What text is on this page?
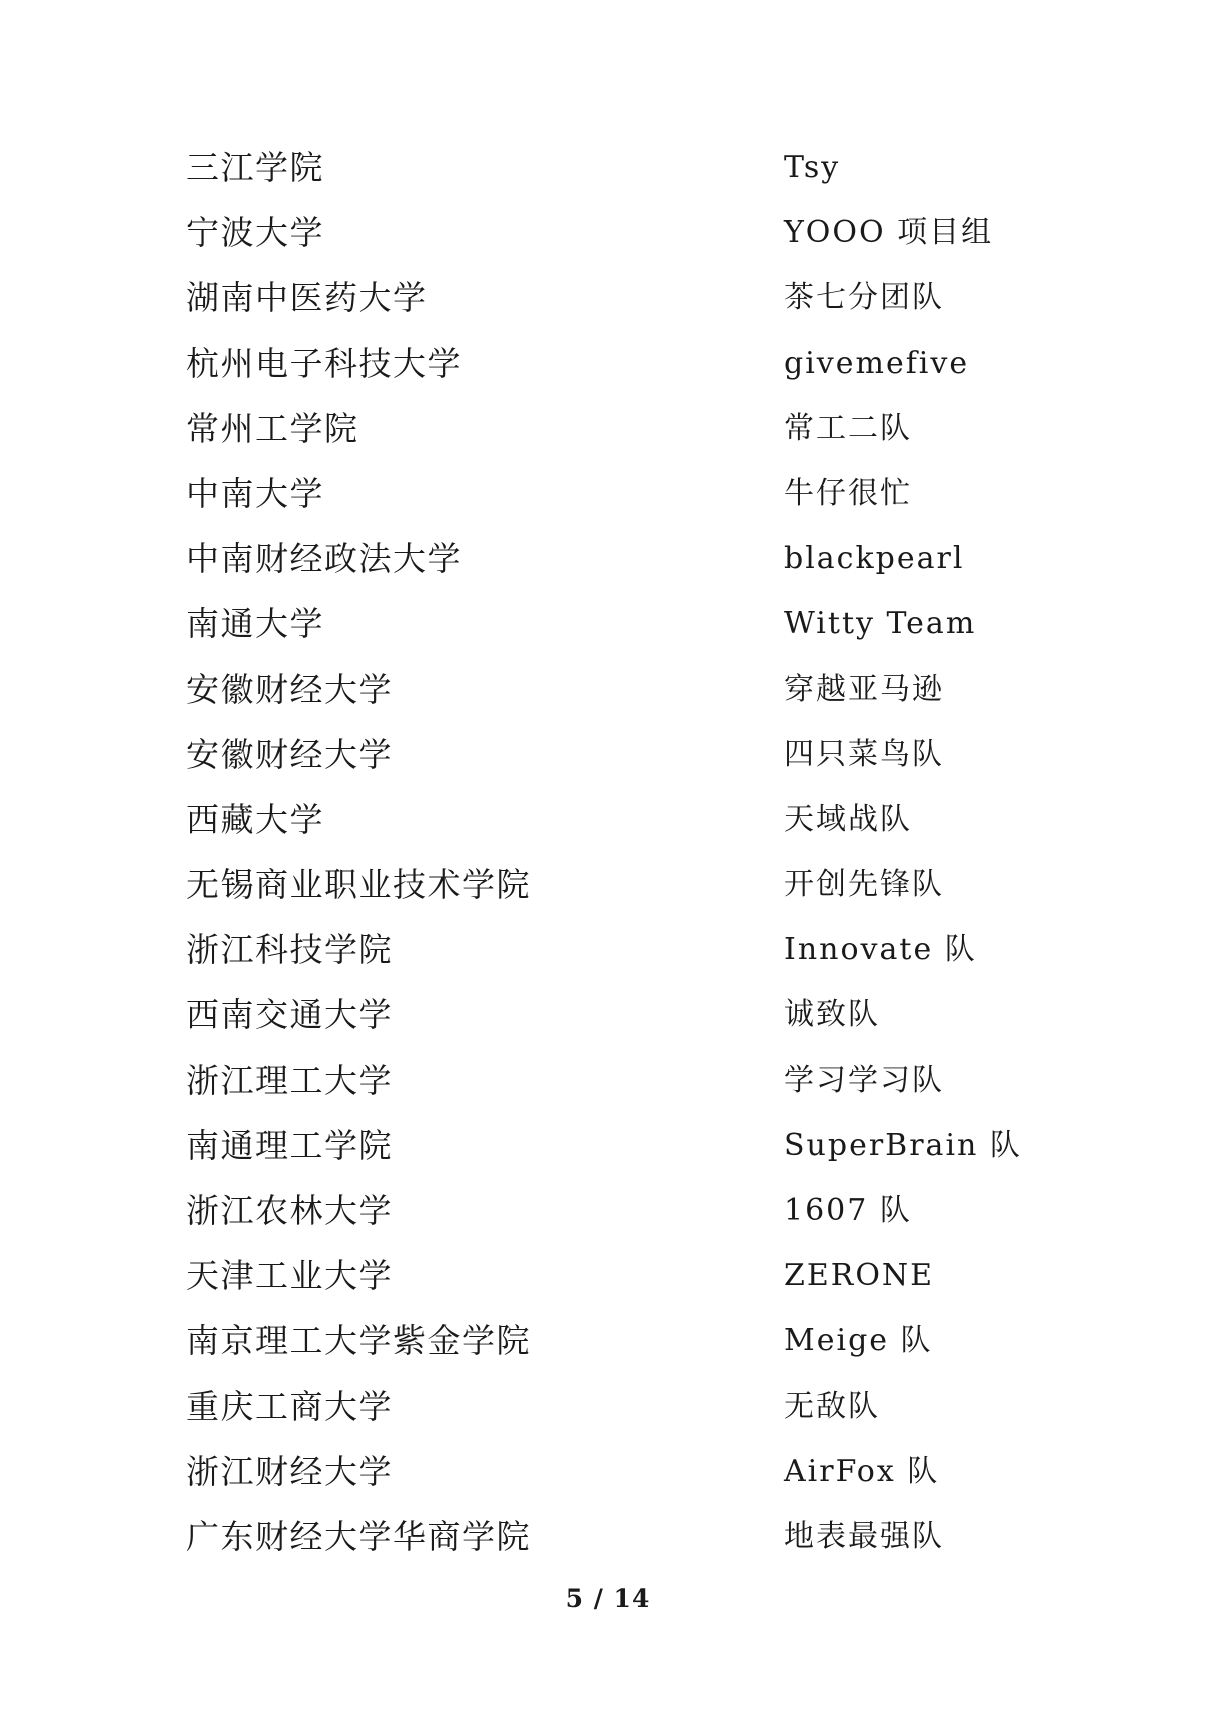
三江学院	Tsy
宁波大学	YOOO 项目组
湖南中医药大学	茶七分团队
杭州电子科技大学	givemefive
常州工学院	常工二队
中南大学	牛仔很忙
中南财经政法大学	blackpearl
南通大学	Witty Team
安徽财经大学	穿越亚马逊
安徽财经大学	四只菜鸟队
西藏大学	天域战队
无锡商业职业技术学院	开创先锋队
浙江科技学院	Innovate 队
西南交通大学	诚致队
浙江理工大学	学习学习队
南通理工学院	SuperBrain 队
浙江农林大学	1607 队
天津工业大学	ZERONE
南京理工大学紫金学院	Meige 队
重庆工商大学	无敌队
浙江财经大学	AirFox 队
广东财经大学华商学院	地表最强队
5 / 14
